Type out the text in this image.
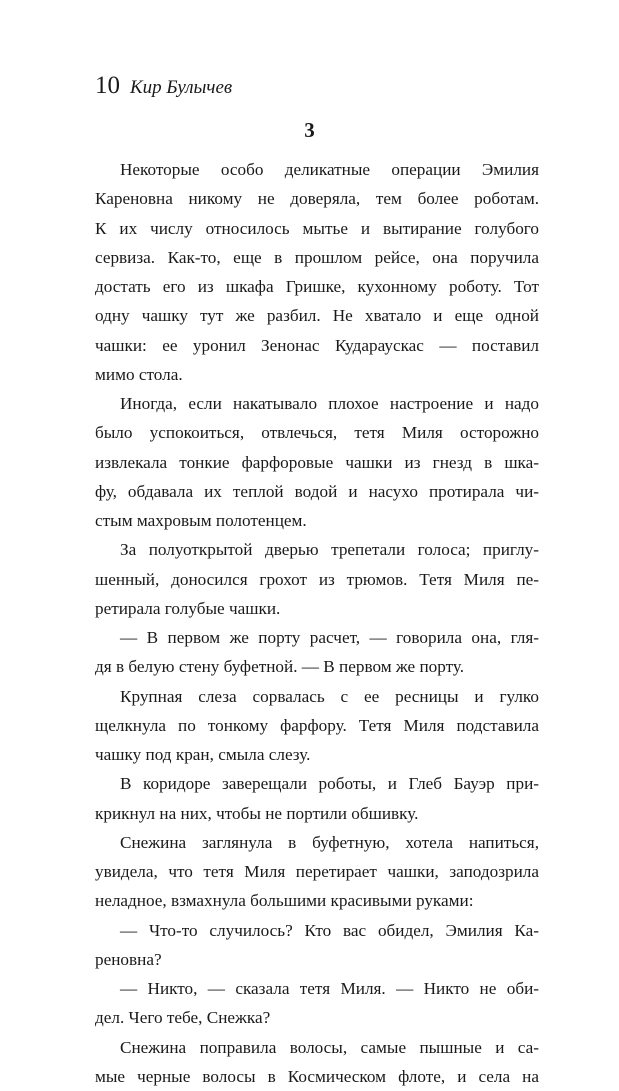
10 Кир Булычев
3
Некоторые особо деликатные операции Эмилия
Кареновна никому не доверяла, тем более роботам.
К их числу относилось мытье и вытирание голубого
сервиза. Как-то, еще в прошлом рейсе, она поручила
достать его из шкафа Гришке, кухонному роботу. Тот
одну чашку тут же разбил. Не хватало и еще одной
чашки: ее уронил Зенонас Кудараускас — поставил
мимо стола.
Иногда, если накатывало плохое настроение и надо
было успокоиться, отвлечься, тетя Миля осторожно
извлекала тонкие фарфоровые чашки из гнезд в шка-
фу, обдавала их теплой водой и насухо протирала чи-
стым махровым полотенцем.
За полуоткрытой дверью трепетали голоса; приглу-
шенный, доносился грохот из трюмов. Тетя Миля пе-
ретирала голубые чашки.
— В первом же порту расчет, — говорила она, гля-
дя в белую стену буфетной. — В первом же порту.
Крупная слеза сорвалась с ее ресницы и гулко
щелкнула по тонкому фарфору. Тетя Миля подставила
чашку под кран, смыла слезу.
В коридоре заверещали роботы, и Глеб Бауэр при-
крикнул на них, чтобы не портили обшивку.
Снежина заглянула в буфетную, хотела напиться,
увидела, что тетя Миля перетирает чашки, заподозрила
неладное, взмахнула большими красивыми руками:
— Что-то случилось? Кто вас обидел, Эмилия Ка-
реновна?
— Никто, — сказала тетя Миля. — Никто не оби-
дел. Чего тебе, Снежка?
Снежина поправила волосы, самые пышные и са-
мые черные волосы в Космическом флоте, и села на
